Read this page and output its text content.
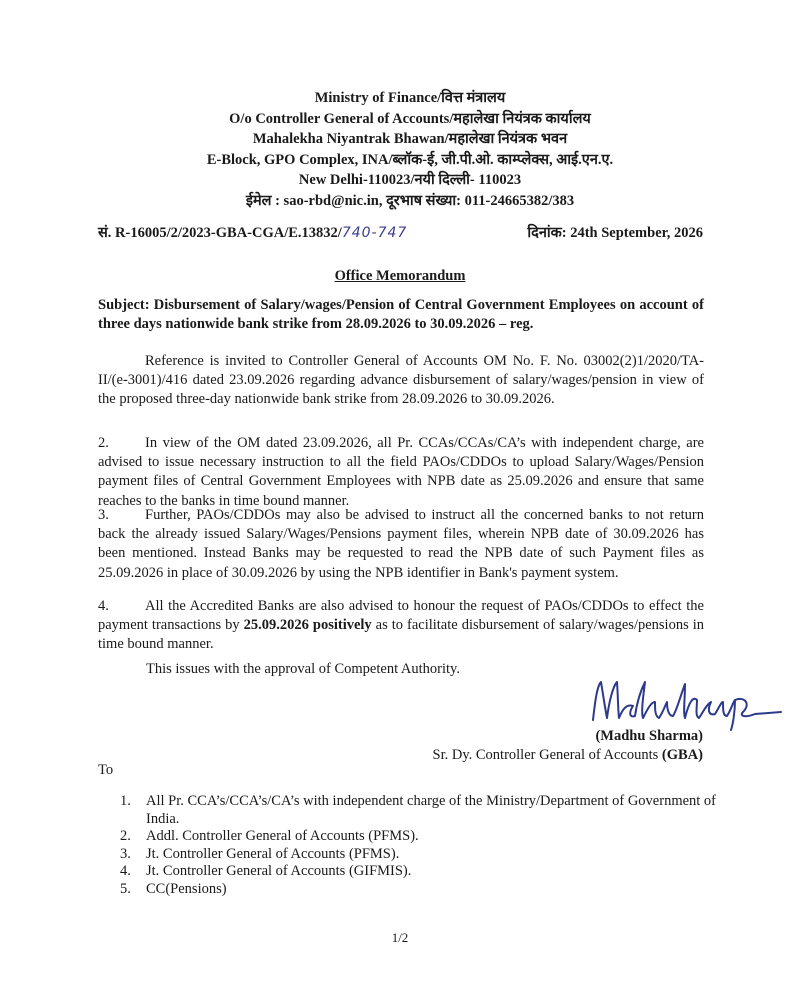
Ministry of Finance/वित्त मंत्रालय
O/o Controller General of Accounts/महालेखा नियंत्रक कार्यालय
Mahalekha Niyantrak Bhawan/महालेखा नियंत्रक भवन
E-Block, GPO Complex, INA/ब्लॉक-ई, जी.पी.ओ. काम्प्लेक्स, आई.एन.ए.
New Delhi-110023/नयी दिल्ली- 110023
ईमेल : sao-rbd@nic.in, दूरभाष संख्या: 011-24665382/383
सं. R-16005/2/2023-GBA-CGA/E.13832/740-747	दिनांक: 24th September, 2026
Office Memorandum
Subject: Disbursement of Salary/wages/Pension of Central Government Employees on account of three days nationwide bank strike from 28.09.2026 to 30.09.2026 – reg.
Reference is invited to Controller General of Accounts OM No. F. No. 03002(2)1/2020/TA-II/(e-3001)/416 dated 23.09.2026 regarding advance disbursement of salary/wages/pension in view of the proposed three-day nationwide bank strike from 28.09.2026 to 30.09.2026.
2. In view of the OM dated 23.09.2026, all Pr. CCAs/CCAs/CA’s with independent charge, are advised to issue necessary instruction to all the field PAOs/CDDOs to upload Salary/Wages/Pension payment files of Central Government Employees with NPB date as 25.09.2026 and ensure that same reaches to the banks in time bound manner.
3. Further, PAOs/CDDOs may also be advised to instruct all the concerned banks to not return back the already issued Salary/Wages/Pensions payment files, wherein NPB date of 30.09.2026 has been mentioned. Instead Banks may be requested to read the NPB date of such Payment files as 25.09.2026 in place of 30.09.2026 by using the NPB identifier in Bank's payment system.
4. All the Accredited Banks are also advised to honour the request of PAOs/CDDOs to effect the payment transactions by 25.09.2026 positively as to facilitate disbursement of salary/wages/pensions in time bound manner.
This issues with the approval of Competent Authority.
(Madhu Sharma)
Sr. Dy. Controller General of Accounts (GBA)
To
1.	All Pr. CCA’s/CCA’s/CA’s with independent charge of the Ministry/Department of Government of India.
2.	Addl. Controller General of Accounts (PFMS).
3.	Jt. Controller General of Accounts (PFMS).
4.	Jt. Controller General of Accounts (GIFMIS).
5.	CC(Pensions)
1/2
